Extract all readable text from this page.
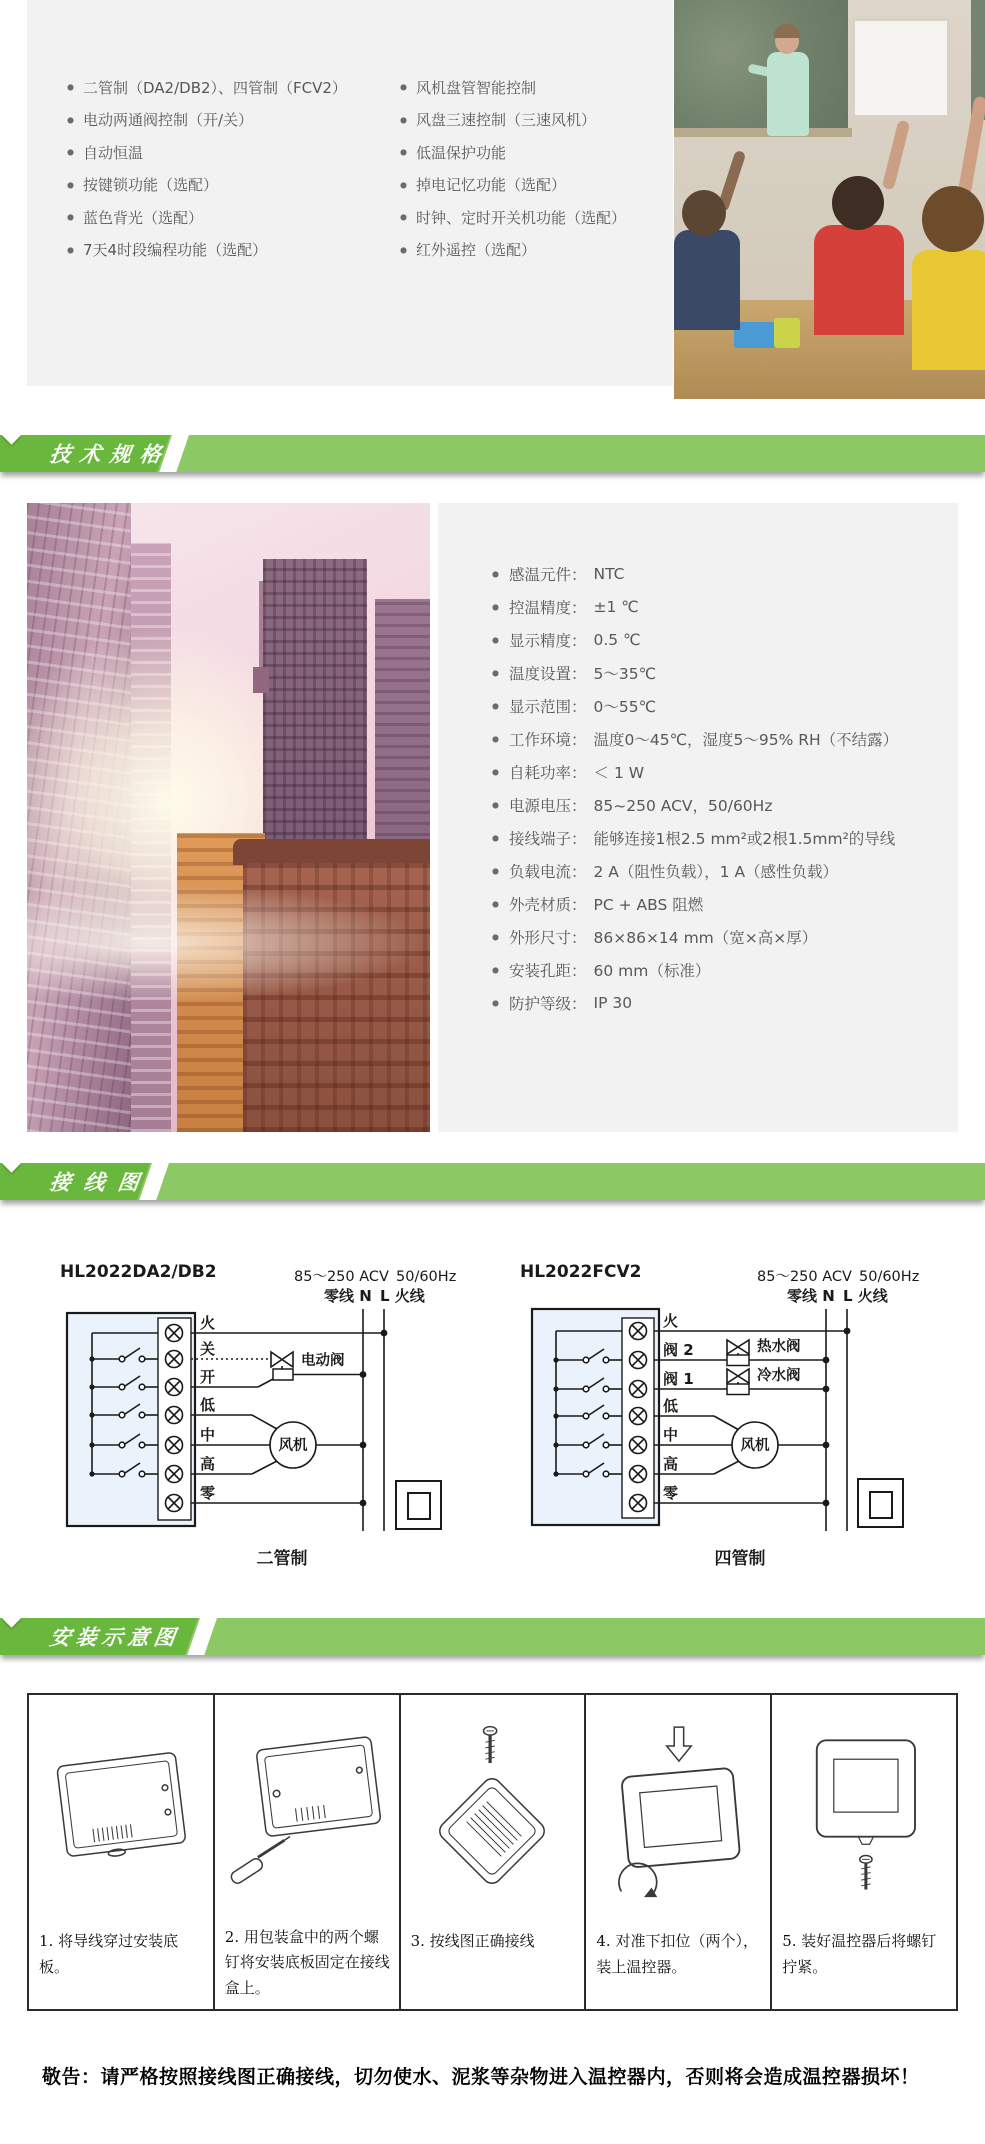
● 二管制（DA2/DB2）、四管制（FCV2）
● 电动两通阀控制（开/关）
● 自动恒温
● 按键锁功能（选配）
● 蓝色背光（选配）
● 7天4时段编程功能（选配）
● 风机盘管智能控制
● 风盘三速控制（三速风机）
● 低温保护功能
● 掉电记忆功能（选配）
● 时钟、定时开关机功能（选配）
● 红外遥控（选配）
技术规格
● 感温元件： NTC
● 控温精度： ±1 ℃
● 显示精度： 0.5 ℃
● 温度设置： 5～35℃
● 显示范围： 0～55℃
● 工作环境： 温度0～45℃，湿度5～95% RH（不结露）
● 自耗功率： ＜ 1 W
● 电源电压： 85~250 ACV，50/60Hz
● 接线端子： 能够连接1根2.5 mm²或2根1.5mm²的导线
● 负载电流： 2 A（阻性负载），1 A（感性负载）
● 外壳材质： PC + ABS 阻燃
● 外形尺寸： 86×86×14 mm（宽×高×厚）
● 安装孔距： 60 mm（标准）
● 防护等级： IP 30
接线图
HL2022DA2/DB2	85～250 ACV 50/60Hz
零线 N L 火线
火
关
开
低
中
高
零
电动阀
风机
二管制
HL2022FCV2	85～250 ACV 50/60Hz
零线 N L 火线
火
阀 2
阀 1
低
中
高
零
热水阀
冷水阀
风机
四管制
安装示意图
1. 将导线穿过安装底板。
2. 用包装盒中的两个螺钉将安装底板固定在接线盒上。
3. 按线图正确接线	4. 对准下扣位（两个），装上温控器。
5. 装好温控器后将螺钉拧紧。
敬告：请严格按照接线图正确接线，切勿使水、泥浆等杂物进入温控器内，否则将会造成温控器损坏！
